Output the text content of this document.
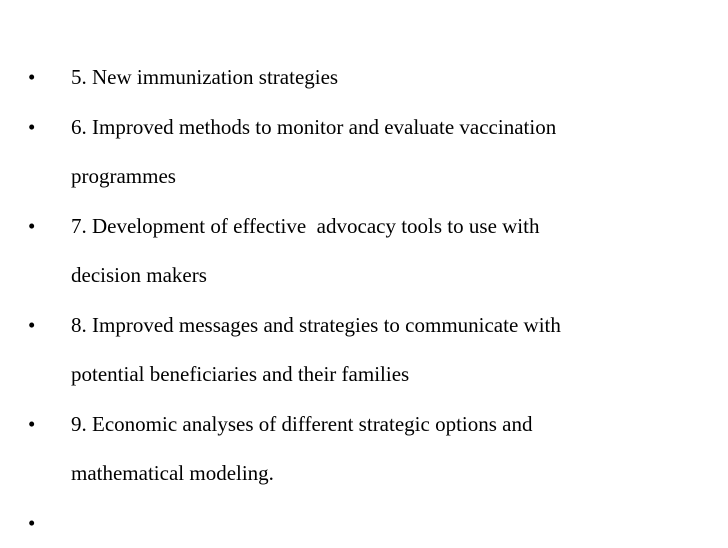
• 5. New immunization strategies
• 6. Improved methods to monitor and evaluate vaccination
programmes
• 7. Development of effective  advocacy tools to use with
decision makers
• 8. Improved messages and strategies to communicate with
potential beneficiaries and their families
• 9. Economic analyses of different strategic options and
mathematical modeling.
•
